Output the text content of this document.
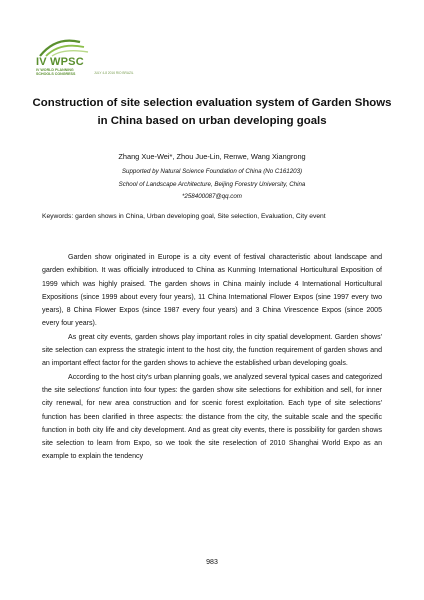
IV WPSC
IV WORLD PLANNING SCHOOLS CONGRESS	JULY 4-8 2016 RIO BRAZIL
Construction of site selection evaluation system of Garden Shows in China based on urban developing goals
Zhang Xue-Wei*, Zhou Jue-Lin, Renwe, Wang Xiangrong
Supported by Natural Science Foundation of China (No C161203)
School of Landscape Architecture, Beijing Forestry University, China
*258400087@qq.com
Keywords: garden shows in China, Urban developing goal, Site selection, Evaluation, City event

Garden show originated in Europe is a city event of festival characteristic about landscape and garden exhibition. It was officially introduced to China as Kunming International Horticultural Exposition of 1999 which was highly praised. The garden shows in China mainly include 4 International Horticultural Expositions (since 1999 about every four years), 11 China International Flower Expos (sine 1997 every two years), 8 China Flower Expos (since 1987 every four years) and 3 China Virescence Expos (since 2005 every four years).

As great city events, garden shows play important roles in city spatial development. Garden shows' site selection can express the strategic intent to the host city, the function requirement of garden shows and an important effect factor for the garden shows to achieve the established urban developing goals.

According to the host city's urban planning goals, we analyzed several typical cases and categorized the site selections' function into four types: the garden show site selections for exhibition and sell, for inner city renewal, for new area construction and for scenic forest exploitation. Each type of site selections' function has been clarified in three aspects: the distance from the city, the suitable scale and the specific function in both city life and city development. And as great city events, there is possibility for garden shows site selection to learn from Expo, so we took the site reselection of 2010 Shanghai World Expo as an example to explain the tendency

983
